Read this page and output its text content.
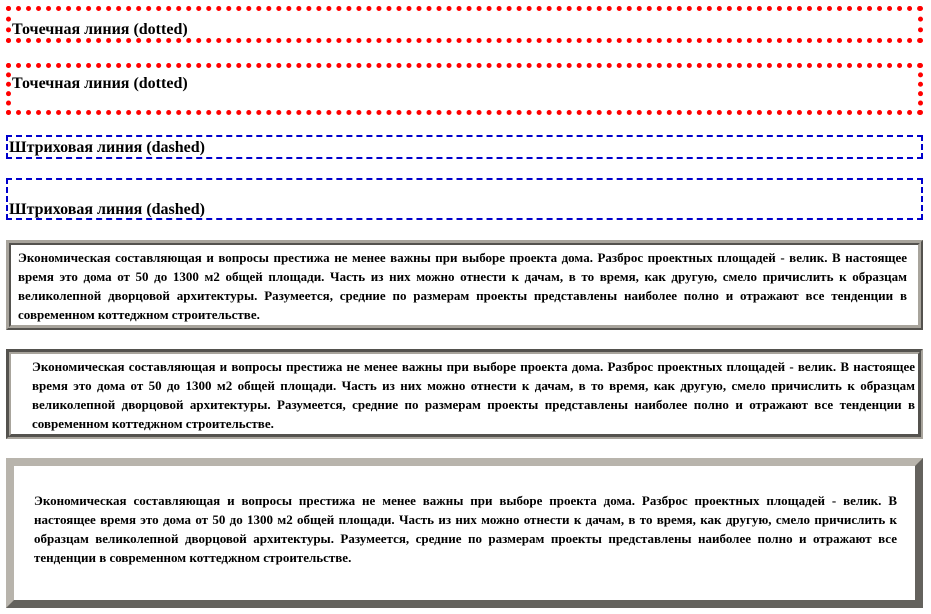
Точечная линия (dotted)
Точечная линия (dotted)
Штриховая линия (dashed)
Штриховая линия (dashed)
Экономическая составляющая и вопросы престижа не менее важны при выборе проекта дома. Разброс проектных площадей - велик. В настоящее время это дома от 50 до 1300 м2 общей площади. Часть из них можно отнести к дачам, в то время, как другую, смело причислить к образцам великолепной дворцовой архитектуры. Разумеется, средние по размерам проекты представлены наиболее полно и отражают все тенденции в современном коттеджном строительстве.
Экономическая составляющая и вопросы престижа не менее важны при выборе проекта дома. Разброс проектных площадей - велик. В настоящее время это дома от 50 до 1300 м2 общей площади. Часть из них можно отнести к дачам, в то время, как другую, смело причислить к образцам великолепной дворцовой архитектуры. Разумеется, средние по размерам проекты представлены наиболее полно и отражают все тенденции в современном коттеджном строительстве.
Экономическая составляющая и вопросы престижа не менее важны при выборе проекта дома. Разброс проектных площадей - велик. В настоящее время это дома от 50 до 1300 м2 общей площади. Часть из них можно отнести к дачам, в то время, как другую, смело причислить к образцам великолепной дворцовой архитектуры. Разумеется, средние по размерам проекты представлены наиболее полно и отражают все тенденции в современном коттеджном строительстве.
